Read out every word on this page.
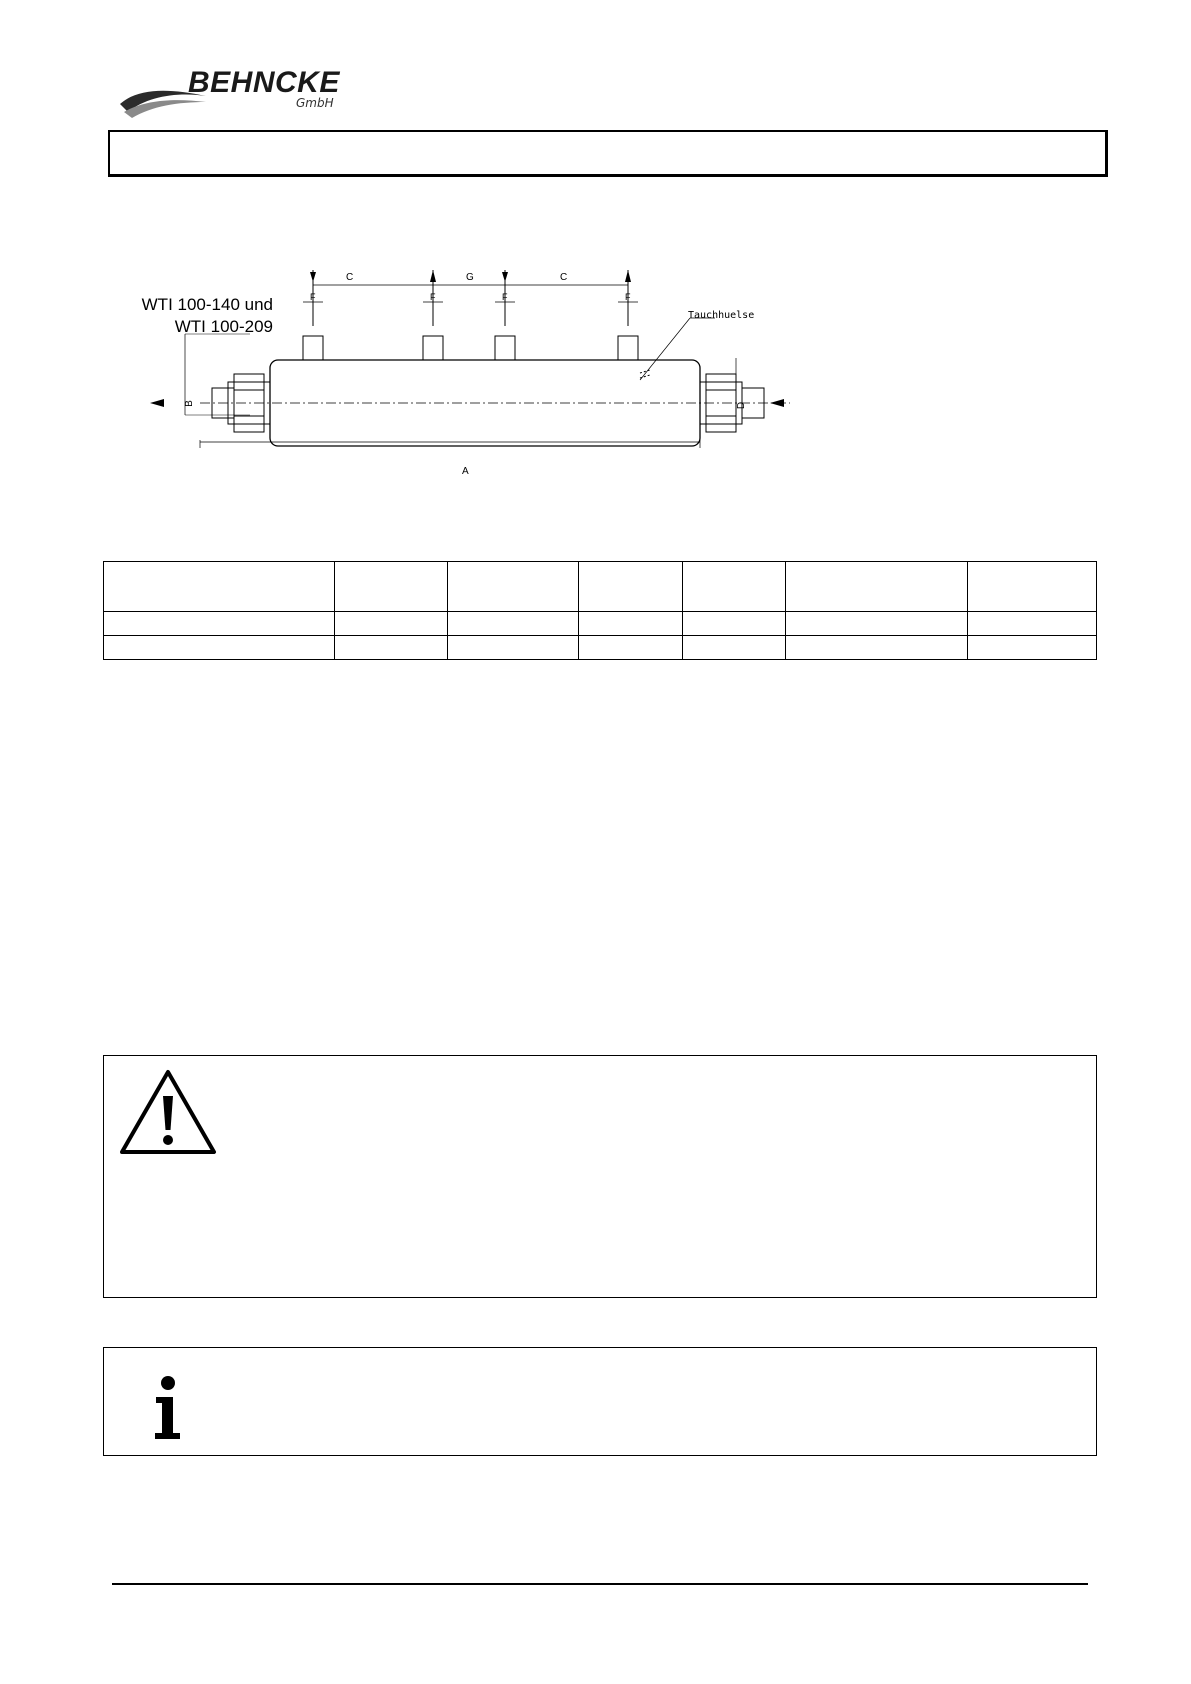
BEHNCKE
GmbH
WTI 100-140 und
WTI 100-209
C	G	C
F	F	F	F
B	D
A
Tauchhuelse
